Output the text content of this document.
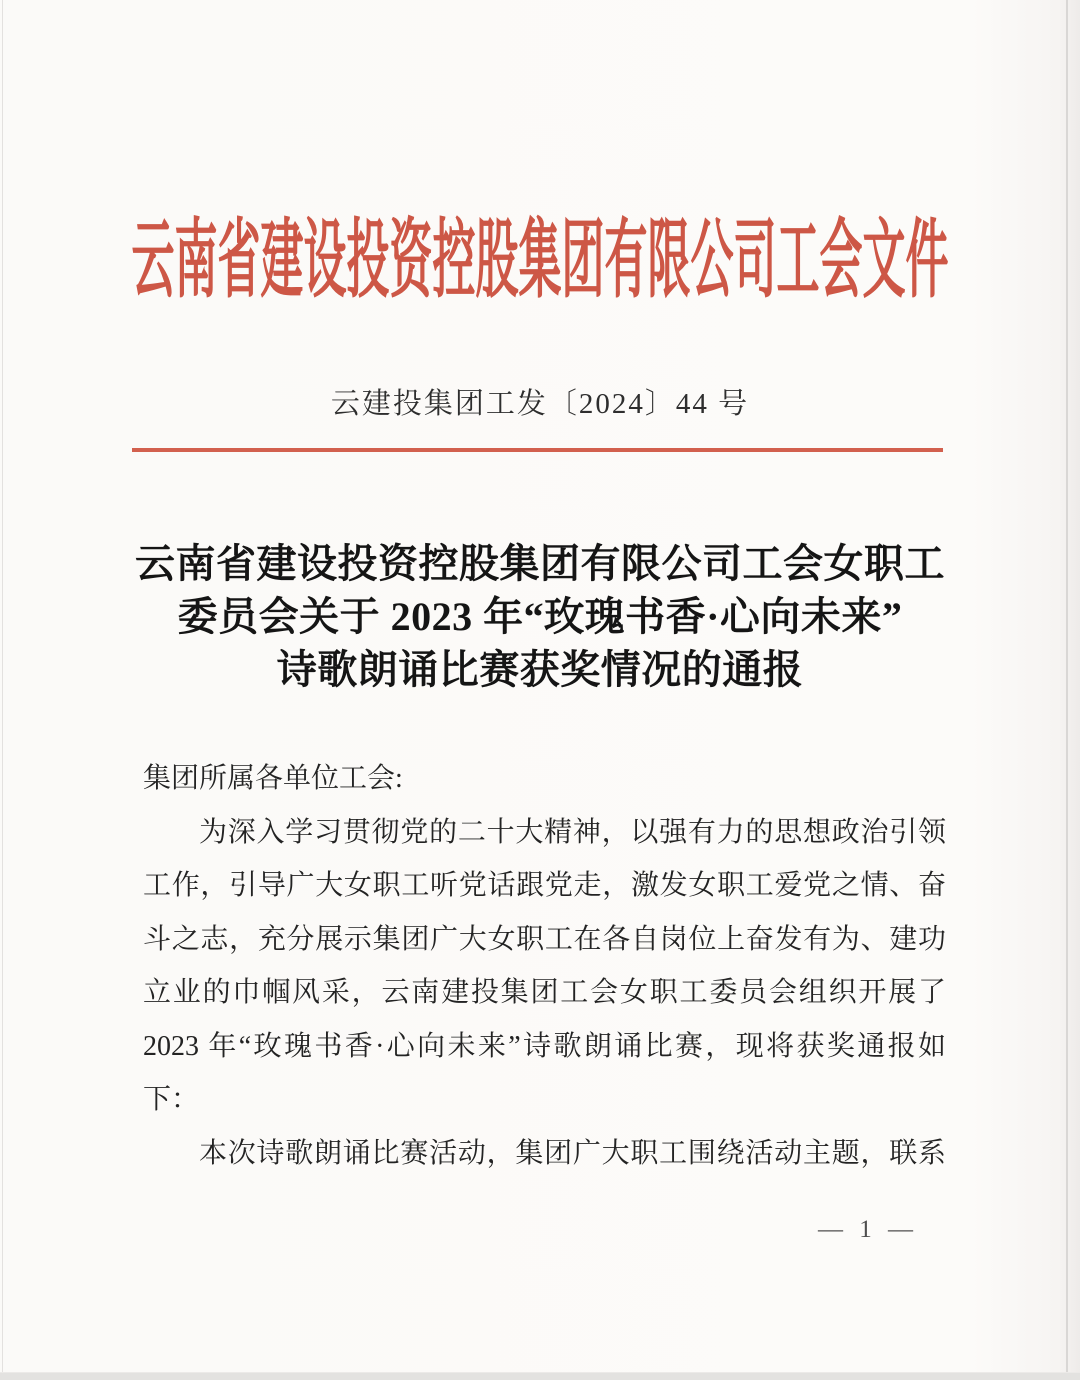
云南省建设投资控股集团有限公司工会文件
云建投集团工发〔2024〕44 号
云南省建设投资控股集团有限公司工会女职工
委员会关于 2023 年“玫瑰书香·心向未来”
诗歌朗诵比赛获奖情况的通报
集团所属各单位工会:
为深入学习贯彻党的二十大精神，以强有力的思想政治引领
工作，引导广大女职工听党话跟党走，激发女职工爱党之情、奋
斗之志，充分展示集团广大女职工在各自岗位上奋发有为、建功
立业的巾帼风采，云南建投集团工会女职工委员会组织开展了
2023 年“玫瑰书香·心向未来”诗歌朗诵比赛，现将获奖通报如
下：
本次诗歌朗诵比赛活动，集团广大职工围绕活动主题，联系
— 1 —
